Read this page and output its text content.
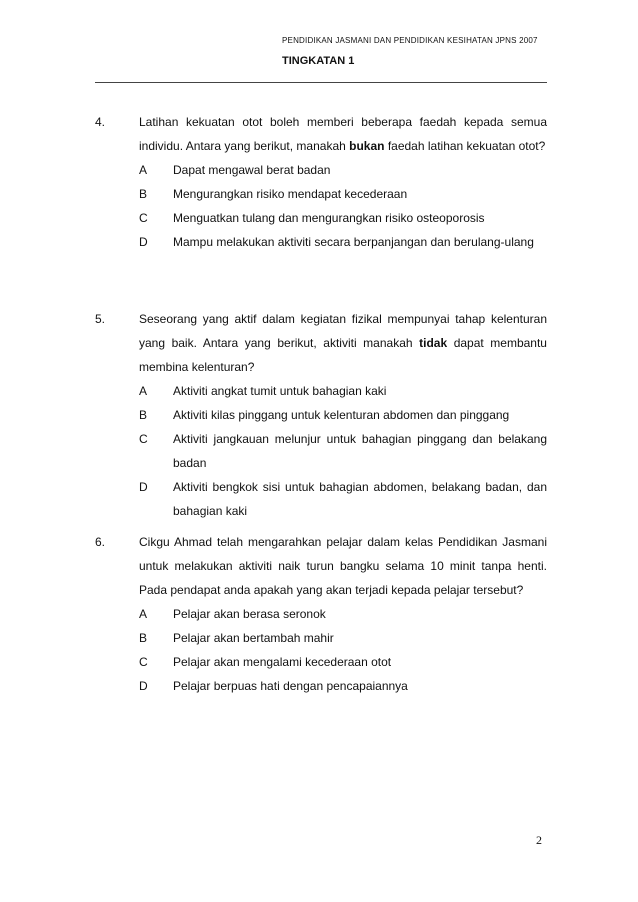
PENDIDIKAN JASMANI DAN PENDIDIKAN KESIHATAN JPNS 2007
TINGKATAN 1
4.	Latihan kekuatan otot boleh memberi beberapa faedah kepada semua individu. Antara yang berikut, manakah bukan faedah latihan kekuatan otot?
A Dapat mengawal berat badan
B Mengurangkan risiko mendapat kecederaan
C Menguatkan tulang dan mengurangkan risiko osteoporosis
D Mampu melakukan aktiviti secara berpanjangan dan berulang-ulang
5.	Seseorang yang aktif dalam kegiatan fizikal mempunyai tahap kelenturan yang baik. Antara yang berikut, aktiviti manakah tidak dapat membantu membina kelenturan?
A Aktiviti angkat tumit untuk bahagian kaki
B Aktiviti kilas pinggang untuk kelenturan abdomen dan pinggang
C Aktiviti jangkauan melunjur untuk bahagian pinggang dan belakang badan
D Aktiviti bengkok sisi untuk bahagian abdomen, belakang badan, dan bahagian kaki
6.	Cikgu Ahmad telah mengarahkan pelajar dalam kelas Pendidikan Jasmani untuk melakukan aktiviti naik turun bangku selama 10 minit tanpa henti. Pada pendapat anda apakah yang akan terjadi kepada pelajar tersebut?
A Pelajar akan berasa seronok
B Pelajar akan bertambah mahir
C Pelajar akan mengalami kecederaan otot
D Pelajar berpuas hati dengan pencapaiannya
2
